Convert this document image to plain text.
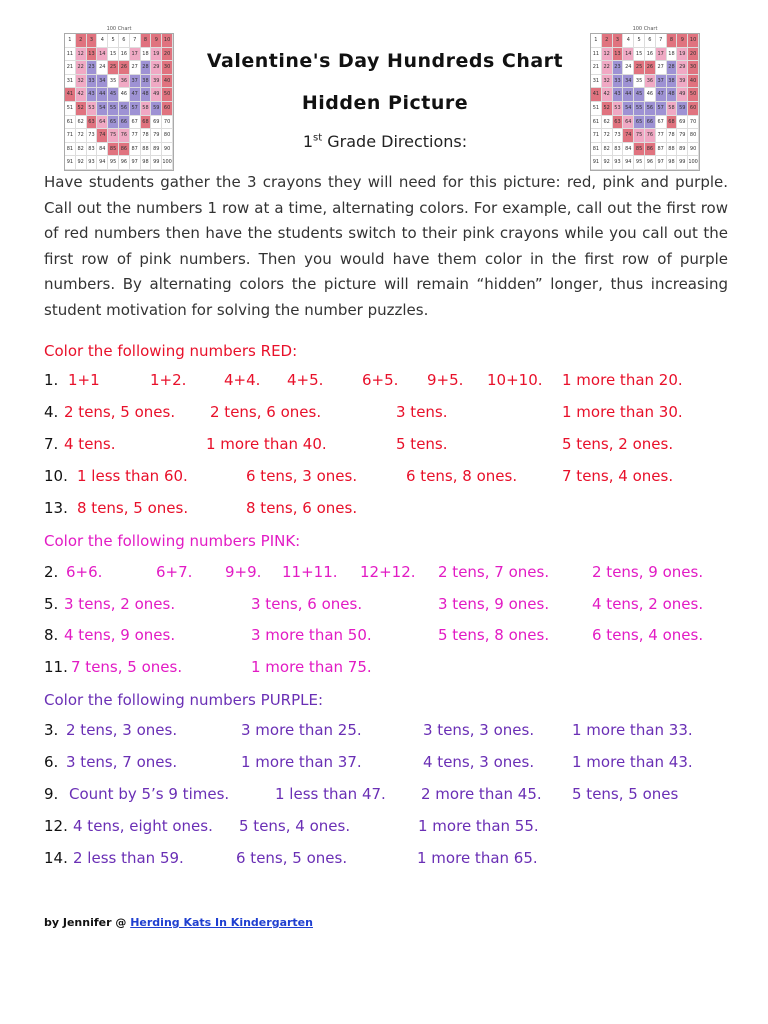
100 Chart
1	2	3	4	5	6	7	8	9	10
11 12 13 14 15 16 17 18 19 20
21 22 23 24 25 26 27 28 29 30
31 32 33 34 35 36 37 38 39 40
41 42 43 44 45 46 47 48 49 50
51 52 53 54 55 56 57 58 59 60
61 62 63 64 65 66 67 68 69 70
71 72 73 74 75 76 77 78 79 80
81 82 83 84 85 86 87 88 89 90
91 92 93 94 95 96 97 98 99 100
100 Chart
1	2	3	4	5	6	7	8	9	10
11 12 13 14 15 16 17 18 19 20
21 22 23 24 25 26 27 28 29 30
31 32 33 34 35 36 37 38 39 40
41 42 43 44 45 46 47 48 49 50
51 52 53 54 55 56 57 58 59 60
61 62 63 64 65 66 67 68 69 70
71 72 73 74 75 76 77 78 79 80
81 82 83 84 85 86 87 88 89 90
91 92 93 94 95 96 97 98 99 100
Valentine's Day Hundreds Chart
Hidden Picture
1st Grade Directions:
Have students gather the 3 crayons they will need for this picture: red, pink and purple. Call out the numbers 1 row at a time, alternating colors. For example, call out the first row of red numbers then have the students switch to their pink crayons while you call out the first row of pink numbers. Then you would have them color in the first row of purple numbers. By alternating colors the picture will remain “hidden” longer, thus increasing student motivation for solving the number puzzles.
Color the following numbers RED:
1. 1+1	1+2.	4+4. 4+5.	6+5. 9+5. 10+10. 1 more than 20.
4. 2 tens, 5 ones. 2 tens, 6 ones.	3 tens.	1 more than 30.
7. 4 tens.	1 more than 40.	5 tens.	5 tens, 2 ones.
10. 1 less than 60.	6 tens, 3 ones.	6 tens, 8 ones.	7 tens, 4 ones.
13. 8 tens, 5 ones.	8 tens, 6 ones.
Color the following numbers PINK:
2. 6+6.	6+7. 9+9. 11+11. 12+12. 2 tens, 7 ones.	2 tens, 9 ones.
5. 3 tens, 2 ones.	3 tens, 6 ones.	3 tens, 9 ones.	4 tens, 2 ones.
8. 4 tens, 9 ones.	3 more than 50.	5 tens, 8 ones.	6 tens, 4 ones.
11. 7 tens, 5 ones.	1 more than 75.
Color the following numbers PURPLE:
3. 2 tens, 3 ones.	3 more than 25.	3 tens, 3 ones.	1 more than 33.
6. 3 tens, 7 ones.	1 more than 37.	4 tens, 3 ones.	1 more than 43.
9. Count by 5’s 9 times.	1 less than 47. 2 more than 45. 5 tens, 5 ones
12. 4 tens, eight ones. 5 tens, 4 ones.	1 more than 55.
14. 2 less than 59.	6 tens, 5 ones.	1 more than 65.
by Jennifer @ Herding Kats In Kindergarten
